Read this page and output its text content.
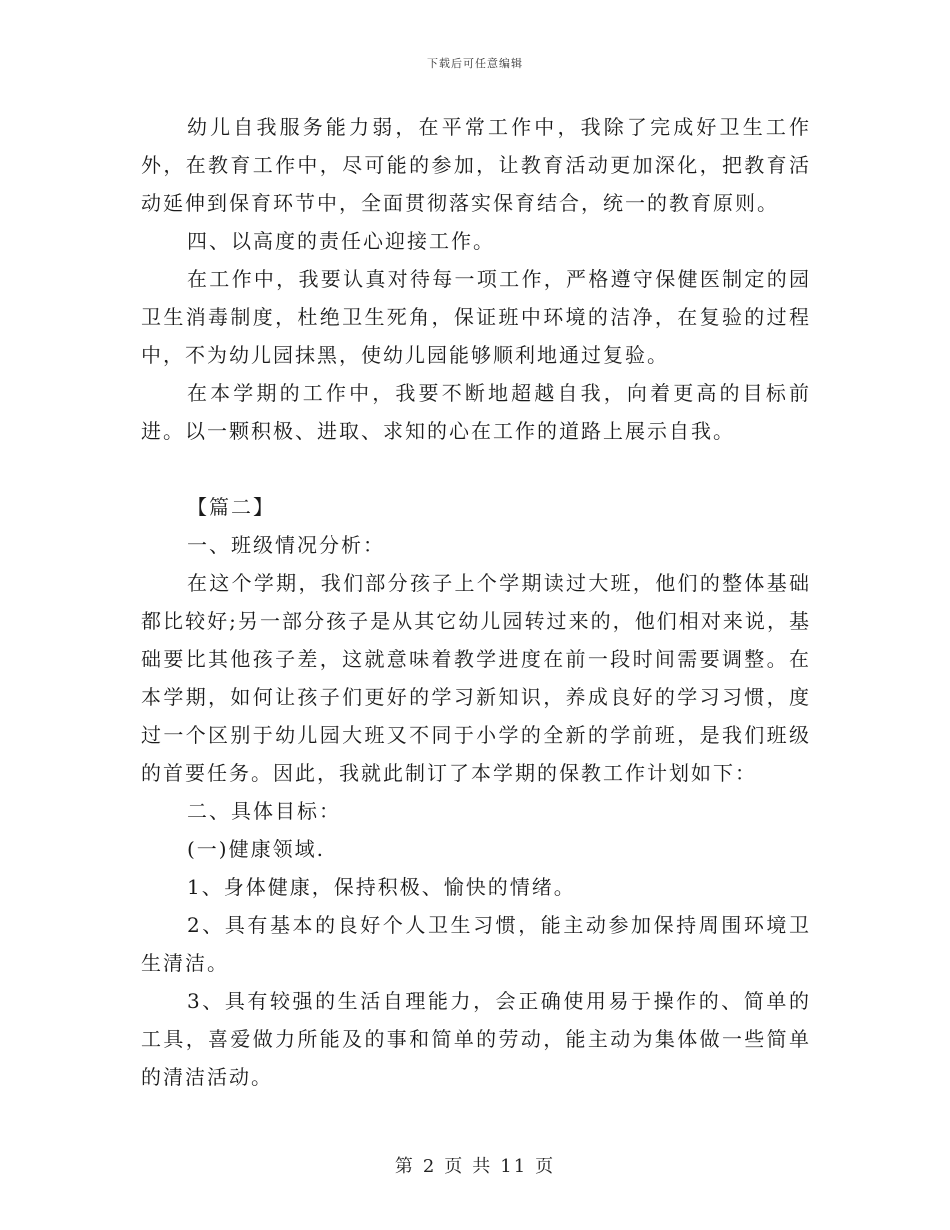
下载后可任意编辑

幼儿自我服务能力弱，在平常工作中，我除了完成好卫生工作外，在教育工作中，尽可能的参加，让教育活动更加深化，把教育活动延伸到保育环节中，全面贯彻落实保育结合，统一的教育原则。

四、以高度的责任心迎接工作。

在工作中，我要认真对待每一项工作，严格遵守保健医制定的园卫生消毒制度，杜绝卫生死角，保证班中环境的洁净，在复验的过程中，不为幼儿园抹黑，使幼儿园能够顺利地通过复验。

在本学期的工作中，我要不断地超越自我，向着更高的目标前进。以一颗积极、进取、求知的心在工作的道路上展示自我。

【篇二】

一、班级情况分析：

在这个学期，我们部分孩子上个学期读过大班，他们的整体基础都比较好;另一部分孩子是从其它幼儿园转过来的，他们相对来说，基础要比其他孩子差，这就意味着教学进度在前一段时间需要调整。在本学期，如何让孩子们更好的学习新知识，养成良好的学习习惯，度过一个区别于幼儿园大班又不同于小学的全新的学前班，是我们班级的首要任务。因此，我就此制订了本学期的保教工作计划如下：

二、具体目标：

(一)健康领域.

1、身体健康，保持积极、愉快的情绪。

2、具有基本的良好个人卫生习惯，能主动参加保持周围环境卫生清洁。

3、具有较强的生活自理能力，会正确使用易于操作的、简单的工具，喜爱做力所能及的事和简单的劳动，能主动为集体做一些简单的清洁活动。

第 2 页 共 11 页
